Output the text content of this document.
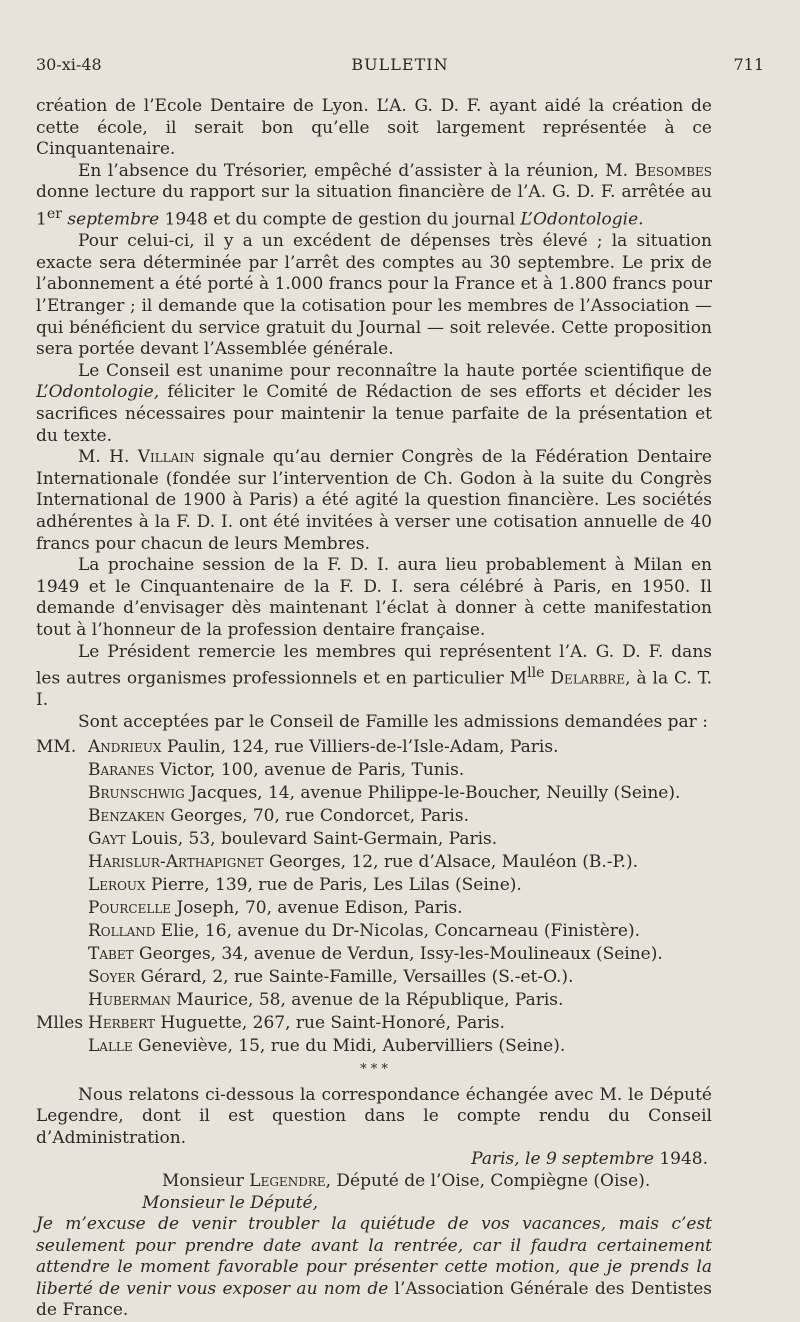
30-xi-48	BULLETIN	711

création de l’Ecole Dentaire de Lyon. L’A. G. D. F. ayant aidé la création de cette école, il serait bon qu’elle soit largement représentée à ce Cinquantenaire.

En l’absence du Trésorier, empêché d’assister à la réunion, M. Besombes donne lecture du rapport sur la situation financière de l’A. G. D. F. arrêtée au 1er septembre 1948 et du compte de gestion du journal L’Odontologie.

Pour celui-ci, il y a un excédent de dépenses très élevé ; la situation exacte sera déterminée par l’arrêt des comptes au 30 septembre. Le prix de l’abonnement a été porté à 1.000 francs pour la France et à 1.800 francs pour l’Etranger ; il demande que la cotisation pour les membres de l’Association — qui bénéficient du service gratuit du Journal — soit relevée. Cette proposition sera portée devant l’Assemblée générale.

Le Conseil est unanime pour reconnaître la haute portée scientifique de L’Odontologie, féliciter le Comité de Rédaction de ses efforts et décider les sacrifices nécessaires pour maintenir la tenue parfaite de la présentation et du texte.

M. H. Villain signale qu’au dernier Congrès de la Fédération Dentaire Internationale (fondée sur l’intervention de Ch. Godon à la suite du Congrès International de 1900 à Paris) a été agité la question financière. Les sociétés adhérentes à la F. D. I. ont été invitées à verser une cotisation annuelle de 40 francs pour chacun de leurs Membres.

La prochaine session de la F. D. I. aura lieu probablement à Milan en 1949 et le Cinquantenaire de la F. D. I. sera célébré à Paris, en 1950. Il demande d’envisager dès maintenant l’éclat à donner à cette manifestation tout à l’honneur de la profession dentaire française.

Le Président remercie les membres qui représentent l’A. G. D. F. dans les autres organismes professionnels et en particulier $M^{lle}$ Delarbre, à la C. T. I.

Sont acceptées par le Conseil de Famille les admissions demandées par :

MM. Andrieux Paulin, 124, rue Villiers-de-l’Isle-Adam, Paris.
Baranes Victor, 100, avenue de Paris, Tunis.
Brunschwig Jacques, 14, avenue Philippe-le-Boucher, Neuilly (Seine).
Benzaken Georges, 70, rue Condorcet, Paris.
Gayt Louis, 53, boulevard Saint-Germain, Paris.
Harislur-Arthapignet Georges, 12, rue d’Alsace, Mauléon (B.-P.).
Leroux Pierre, 139, rue de Paris, Les Lilas (Seine).
Pourcelle Joseph, 70, avenue Edison, Paris.
Rolland Elie, 16, avenue du Dr-Nicolas, Concarneau (Finistère).
Tabet Georges, 34, avenue de Verdun, Issy-les-Moulineaux (Seine).
Soyer Gérard, 2, rue Sainte-Famille, Versailles (S.-et-O.).
Huberman Maurice, 58, avenue de la République, Paris.
Mlles Herbert Huguette, 267, rue Saint-Honoré, Paris.
Lalle Geneviève, 15, rue du Midi, Aubervilliers (Seine).
* * *

Nous relatons ci-dessous la correspondance échangée avec M. le Député Legendre, dont il est question dans le compte rendu du Conseil d’Administration.

Paris, le 9 septembre 1948.

Monsieur Legendre, Député de l’Oise, Compiègne (Oise).

Monsieur le Député,

Je m’excuse de venir troubler la quiétude de vos vacances, mais c’est seulement pour prendre date avant la rentrée, car il faudra certainement attendre le moment favorable pour présenter cette motion, que je prends la liberté de venir vous exposer au nom de l’Association Générale des Dentistes de France.
